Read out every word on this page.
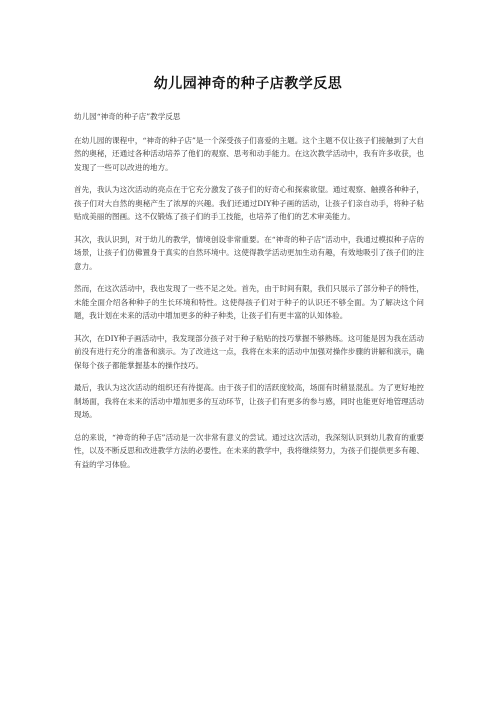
幼儿园神奇的种子店教学反思

幼儿园“神奇的种子店”教学反思

在幼儿园的课程中，“神奇的种子店”是一个深受孩子们喜爱的主题。这个主题不仅让孩子们接触到了大自然的奥秘，还通过各种活动培养了他们的观察、思考和动手能力。在这次教学活动中，我有许多收获，也发现了一些可以改进的地方。

首先，我认为这次活动的亮点在于它充分激发了孩子们的好奇心和探索欲望。通过观察、触摸各种种子，孩子们对大自然的奥秘产生了浓厚的兴趣。我们还通过DIY种子画的活动，让孩子们亲自动手，将种子粘贴成美丽的图画。这不仅锻炼了孩子们的手工技能，也培养了他们的艺术审美能力。

其次，我认识到，对于幼儿的教学，情境创设非常重要。在“神奇的种子店”活动中，我通过模拟种子店的场景，让孩子们仿佛置身于真实的自然环境中。这使得教学活动更加生动有趣，有效地吸引了孩子们的注意力。

然而，在这次活动中，我也发现了一些不足之处。首先，由于时间有限，我们只展示了部分种子的特性，未能全面介绍各种种子的生长环境和特性。这使得孩子们对于种子的认识还不够全面。为了解决这个问题，我计划在未来的活动中增加更多的种子种类，让孩子们有更丰富的认知体验。

其次，在DIY种子画活动中，我发现部分孩子对于种子粘贴的技巧掌握不够熟练。这可能是因为我在活动前没有进行充分的准备和演示。为了改进这一点，我将在未来的活动中加强对操作步骤的讲解和演示，确保每个孩子都能掌握基本的操作技巧。

最后，我认为这次活动的组织还有待提高。由于孩子们的活跃度较高，场面有时稍显混乱。为了更好地控制场面，我将在未来的活动中增加更多的互动环节，让孩子们有更多的参与感，同时也能更好地管理活动现场。

总的来说，“神奇的种子店”活动是一次非常有意义的尝试。通过这次活动，我深刻认识到幼儿教育的重要性，以及不断反思和改进教学方法的必要性。在未来的教学中，我将继续努力，为孩子们提供更多有趣、有益的学习体验。
